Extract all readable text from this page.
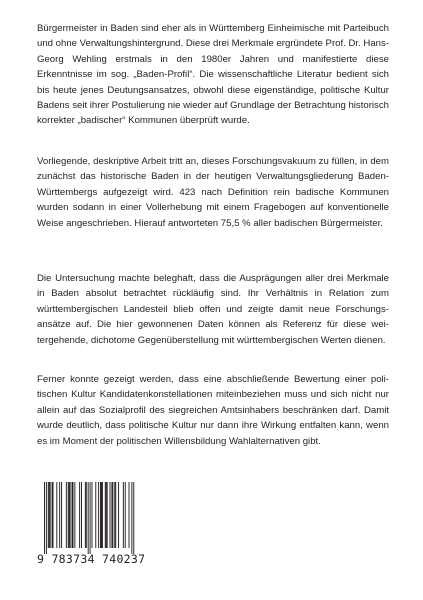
Bürgermeister in Baden sind eher als in Württemberg Einheimische mit Parteibuch und ohne Verwaltungshintergrund. Diese drei Merkmale ergründete Prof. Dr. Hans-Georg Wehling erstmals in den 1980er Jahren und manifestierte diese Erkenntnisse im sog. „Baden-Profil“. Die wissenschaftliche Literatur bedient sich bis heute jenes Deutungsansatzes, obwohl diese eigenständige, politische Kultur Badens seit ihrer Postulierung nie wieder auf Grundlage der Betrachtung historisch korrekter „badischer“ Kommunen überprüft wurde.

Vorliegende, deskriptive Arbeit tritt an, dieses Forschungsvakuum zu füllen, in dem zunächst das historische Baden in der heutigen Verwaltungsgliederung Baden-Württembergs aufgezeigt wird. 423 nach Definition rein badische Kommunen wurden sodann in einer Vollerhebung mit einem Fragebogen auf konventionelle Weise angeschrieben. Hierauf antworteten 75,5 % aller badischen Bürgermeister.

Die Untersuchung machte beleghaft, dass die Ausprägungen aller drei Merkmale in Baden absolut betrachtet rückläufig sind. Ihr Verhältnis in Relation zum württembergischen Landesteil blieb offen und zeigte damit neue Forschungsansätze auf. Die hier gewonnenen Daten können als Referenz für diese weitergehende, dichotome Gegenüberstellung mit württembergischen Werten dienen.

Ferner konnte gezeigt werden, dass eine abschließende Bewertung einer politischen Kultur Kandidatenkonstellationen miteinbeziehen muss und sich nicht nur allein auf das Sozialprofil des siegreichen Amtsinhabers beschränken darf. Damit wurde deutlich, dass politische Kultur nur dann ihre Wirkung entfalten kann, wenn es im Moment der politischen Willensbildung Wahlalternativen gibt.

9 783734 740237
